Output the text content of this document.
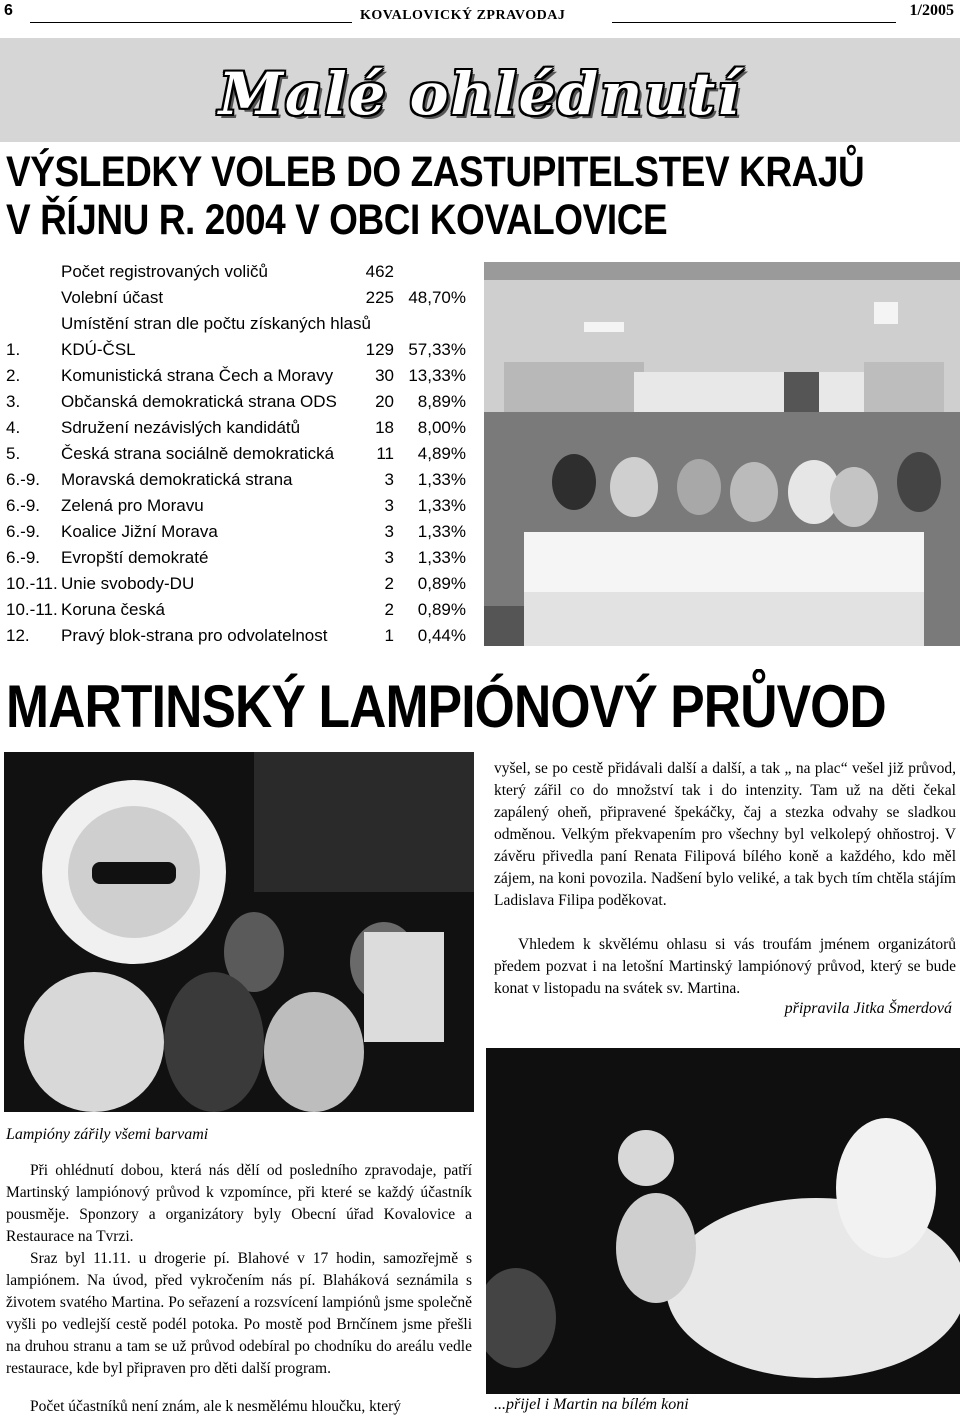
6	KOVALOVICKÝ ZPRAVODAJ	1/2005
Malé ohlédnutí
VÝSLEDKY VOLEB DO ZASTUPITELSTEV KRAJŮ
V ŘÍJNU R. 2004 V OBCI KOVALOVICE
Počet registrovaných voličů	462
Volební účast	225 48,70%
Umístění stran dle počtu získaných hlasů
1. KDÚ-ČSL	129 57,33%
2. Komunistická strana Čech a Moravy	30 13,33%
3. Občanská demokratická strana ODS	20	8,89%
4. Sdružení nezávislých kandidátů	18	8,00%
5. Česká strana sociálně demokratická	11	4,89%
6.-9. Moravská demokratická strana	3	1,33%
6.-9. Zelená pro Moravu	3	1,33%
6.-9. Koalice Jižní Morava	3	1,33%
6.-9. Evropští demokraté	3	1,33%
10.-11. Unie svobody-DU	2	0,89%
10.-11. Koruna česká	2	0,89%
12. Pravý blok-strana pro odvolatelnost	1	0,44%
MARTINSKÝ LAMPIÓNOVÝ PRŮVOD
vyšel, se po cestě přidávali další a další, a tak „ na plac“ vešel již průvod, který zářil co do množství tak i do intenzity. Tam už na děti čekal zapálený oheň, připravené špekáčky, čaj a stezka odvahy se sladkou odměnou. Velkým překvapením pro všechny byl velkolepý ohňostroj. V závěru přivedla paní Renata Filipová bílého koně a každého, kdo měl zájem, na koni povozila. Nadšení bylo veliké, a tak bych tím chtěla stájím Ladislava Filipa poděkovat.
Vhledem k skvělému ohlasu si vás troufám jménem organizátorů předem pozvat i na letošní Martinský lampiónový průvod, který se bude konat v listopadu na svátek sv. Martina.
připravila Jitka Šmerdová
Lampióny zářily všemi barvami
Při ohlédnutí dobou, která nás dělí od posledního zpravodaje, patří Martinský lampiónový průvod k vzpomínce, při které se každý účastník pousměje. Sponzory a organizátory byly Obecní úřad Kovalovice a Restaurace na Tvrzi.
Sraz byl 11.11. u drogerie pí. Blahové v 17 hodin, samozřejmě s lampiónem. Na úvod, před vykročením nás pí. Blaháková seznámila s životem svatého Martina. Po seřazení a rozsvícení lampiónů jsme společně vyšli po vedlejší cestě podél potoka. Po mostě pod Brnčínem jsme přešli na druhou stranu a tam se už průvod odebíral po chodníku do areálu vedle restaurace, kde byl připraven pro děti další program.
Počet účastníků není znám, ale k nesmělému hloučku, který	...přijel i Martin na bílém koni
